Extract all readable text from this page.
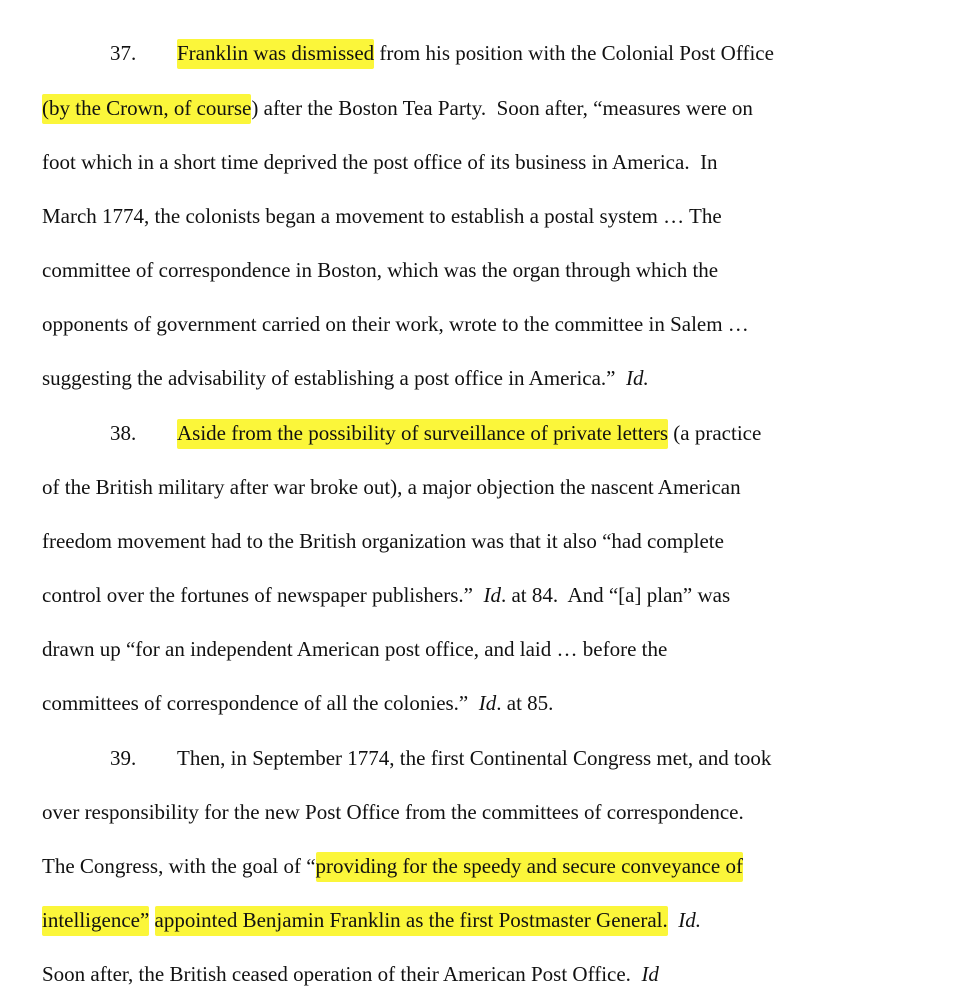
37. Franklin was dismissed from his position with the Colonial Post Office
(by the Crown, of course) after the Boston Tea Party.  Soon after, “measures were on
foot which in a short time deprived the post office of its business in America.  In
March 1774, the colonists began a movement to establish a postal system … The
committee of correspondence in Boston, which was the organ through which the
opponents of government carried on their work, wrote to the committee in Salem …
suggesting the advisability of establishing a post office in America.”  Id.
38. Aside from the possibility of surveillance of private letters (a practice
of the British military after war broke out), a major objection the nascent American
freedom movement had to the British organization was that it also “had complete
control over the fortunes of newspaper publishers.”  Id. at 84.  And “[a] plan” was
drawn up “for an independent American post office, and laid … before the
committees of correspondence of all the colonies.”  Id. at 85.
39. Then, in September 1774, the first Continental Congress met, and took
over responsibility for the new Post Office from the committees of correspondence.
The Congress, with the goal of “providing for the speedy and secure conveyance of
intelligence” appointed Benjamin Franklin as the first Postmaster General. Id.
Soon after, the British ceased operation of their American Post Office.  Id
